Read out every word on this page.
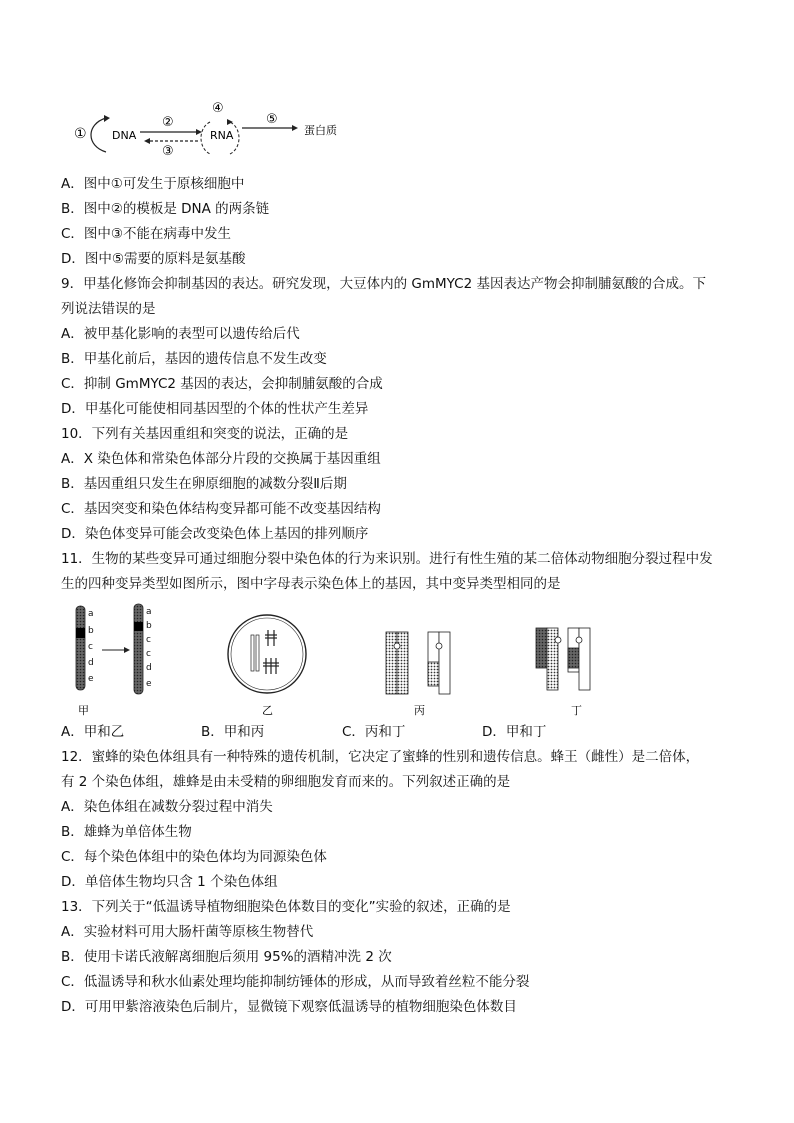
① DNA
②
③
④
RNA
⑤
蛋白质
A．图中①可发生于原核细胞中
B．图中②的模板是 DNA 的两条链
C．图中③不能在病毒中发生
D．图中⑤需要的原料是氨基酸
9．甲基化修饰会抑制基因的表达。研究发现，大豆体内的 GmMYC2 基因表达产物会抑制脯氨酸的合成。下
列说法错误的是
A．被甲基化影响的表型可以遗传给后代
B．甲基化前后，基因的遗传信息不发生改变
C．抑制 GmMYC2 基因的表达，会抑制脯氨酸的合成
D．甲基化可能使相同基因型的个体的性状产生差异
10．下列有关基因重组和突变的说法，正确的是
A．X 染色体和常染色体部分片段的交换属于基因重组
B．基因重组只发生在卵原细胞的减数分裂Ⅱ后期
C．基因突变和染色体结构变异都可能不改变基因结构
D．染色体变异可能会改变染色体上基因的排列顺序
11．生物的某些变异可通过细胞分裂中染色体的行为来识别。进行有性生殖的某二倍体动物细胞分裂过程中发
生的四种变异类型如图所示，图中字母表示染色体上的基因，其中变异类型相同的是
a
b
c
d
e
a
b
c
c
d
e
甲	乙	丙	丁
A．甲和乙	B．甲和丙	C．丙和丁	D．甲和丁
12．蜜蜂的染色体组具有一种特殊的遗传机制，它决定了蜜蜂的性别和遗传信息。蜂王（雌性）是二倍体，
有 2 个染色体组，雄蜂是由未受精的卵细胞发育而来的。下列叙述正确的是
A．染色体组在减数分裂过程中消失
B．雄蜂为单倍体生物
C．每个染色体组中的染色体均为同源染色体
D．单倍体生物均只含 1 个染色体组
13．下列关于“低温诱导植物细胞染色体数目的变化”实验的叙述，正确的是
A．实验材料可用大肠杆菌等原核生物替代
B．使用卡诺氏液解离细胞后须用 95%的酒精冲洗 2 次
C．低温诱导和秋水仙素处理均能抑制纺锤体的形成，从而导致着丝粒不能分裂
D．可用甲紫溶液染色后制片，显微镜下观察低温诱导的植物细胞染色体数目
